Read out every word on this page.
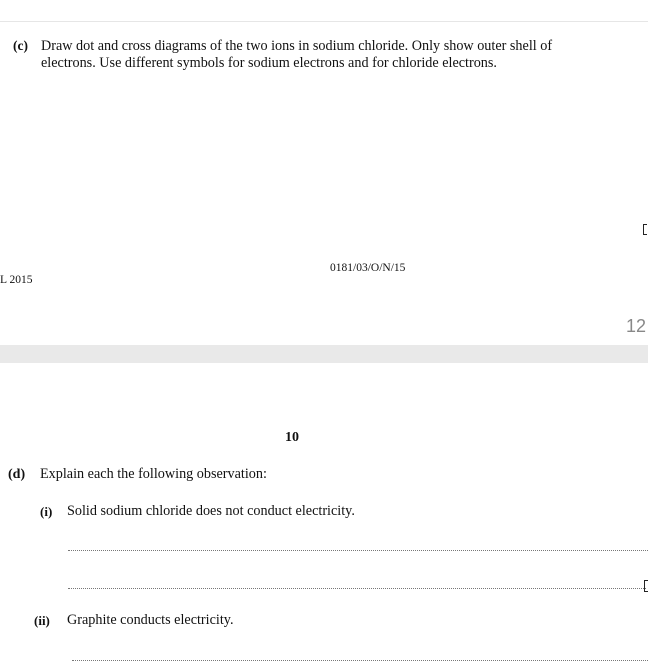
(c) Draw dot and cross diagrams of the two ions in sodium chloride. Only show outer shell of
electrons. Use different symbols for sodium electrons and for chloride electrons.
L 2015
0181/03/O/N/15
12
10
(d) Explain each the following observation:
(i) Solid sodium chloride does not conduct electricity.
(ii) Graphite conducts electricity.
